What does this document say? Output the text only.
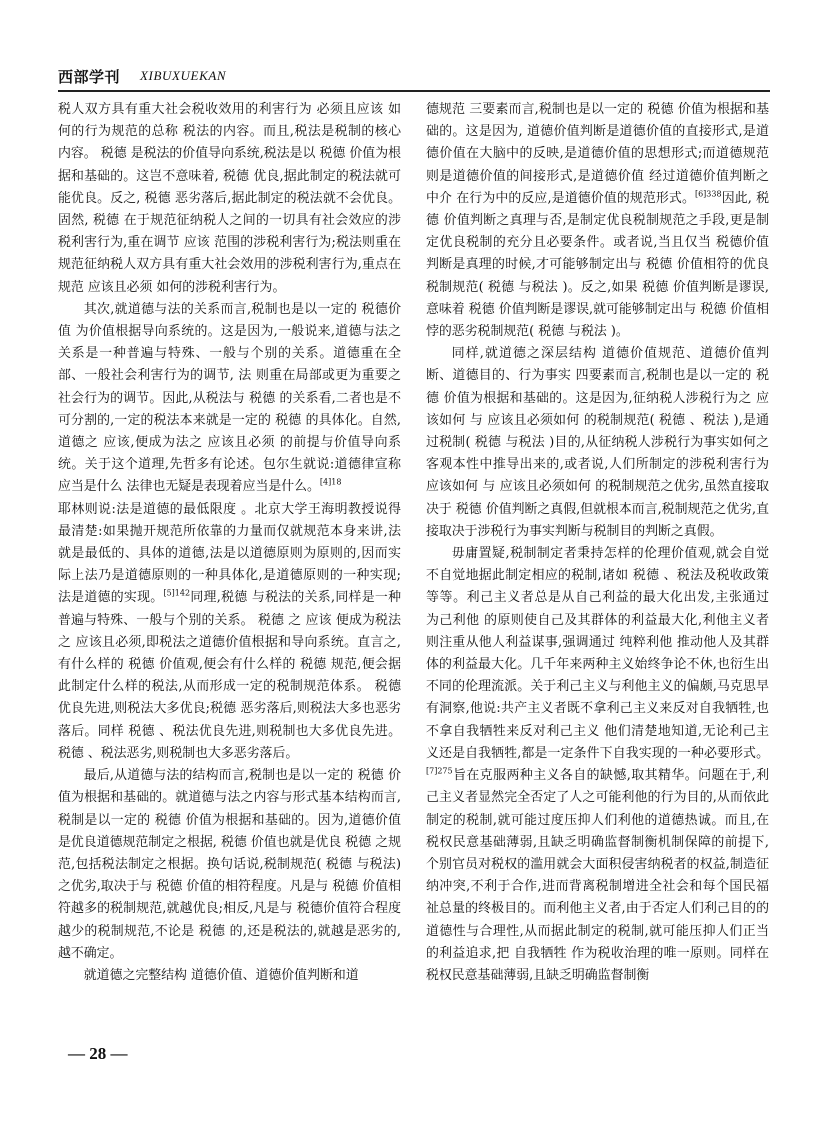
西部学刊 XIBUXUEKAN

税人双方具有重大社会税收效用的利害行为 必须且应该 如何的行为规范的总称 税法的内容。而且,税法是税制的核心内容。 税德 是税法的价值导向系统,税法是以 税德 价值为根据和基础的。这岂不意味着, 税德 优良,据此制定的税法就可能优良。反之, 税德 恶劣落后,据此制定的税法就不会优良。固然, 税德 在于规范征纳税人之间的一切具有社会效应的涉税利害行为,重在调节 应该 范围的涉税利害行为;税法则重在规范征纳税人双方具有重大社会效用的涉税利害行为,重点在规范 应该且必须 如何的涉税利害行为。

其次,就道德与法的关系而言,税制也是以一定的 税德价值 为价值根据导向系统的。这是因为,一般说来,道德与法之关系是一种普遍与特殊、一般与个别的关系。道德重在全部、一般社会利害行为的调节, 法 则重在局部或更为重要之社会行为的调节。因此,从税法与 税德 的关系看,二者也是不可分割的,一定的税法本来就是一定的 税德 的具体化。自然,道德之 应该,便成为法之 应该且必须 的前提与价值导向系统。关于这个道理,先哲多有论述。包尔生就说:道德律宣称应当是什么 法律也无疑是表现着应当是什么。$^{[4]18}$

耶林则说:法是道德的最低限度 。北京大学王海明教授说得最清楚:如果抛开规范所依靠的力量而仅就规范本身来讲,法就是最低的、具体的道德,法是以道德原则为原则的,因而实际上法乃是道德原则的一种具体化,是道德原则的一种实现;法是道德的实现。$^{[5]142}$同理,税德 与税法的关系,同样是一种普遍与特殊、一般与个别的关系。 税德 之 应该 便成为税法之 应该且必须,即税法之道德价值根据和导向系统。直言之,有什么样的 税德 价值观,便会有什么样的 税德 规范,便会据此制定什么样的税法,从而形成一定的税制规范体系。 税德 优良先进,则税法大多优良;税德 恶劣落后,则税法大多也恶劣落后。同样 税德 、税法优良先进,则税制也大多优良先进。 税德 、税法恶劣,则税制也大多恶劣落后。

最后,从道德与法的结构而言,税制也是以一定的 税德 价值为根据和基础的。就道德与法之内容与形式基本结构而言,税制是以一定的 税德 价值为根据和基础的。因为,道德价值是优良道德规范制定之根据, 税德 价值也就是优良 税德 之规范,包括税法制定之根据。换句话说,税制规范( 税德 与税法)之优劣,取决于与 税德 价值的相符程度。凡是与 税德 价值相符越多的税制规范,就越优良;相反,凡是与 税德价值符合程度越少的税制规范,不论是 税德 的,还是税法的,就越是恶劣的,越不确定。

就道德之完整结构 道德价值、道德价值判断和道

德规范 三要素而言,税制也是以一定的 税德 价值为根据和基础的。这是因为, 道德价值判断是道德价值的直接形式,是道德价值在大脑中的反映,是道德价值的思想形式;而道德规范则是道德价值的间接形式,是道德价值 经过道德价值判断之中介 在行为中的反应,是道德价值的规范形式。$^{[6]338}$因此, 税德 价值判断之真理与否,是制定优良税制规范之手段,更是制定优良税制的充分且必要条件。或者说,当且仅当 税德价值判断是真理的时候,才可能够制定出与 税德 价值相符的优良税制规范( 税德 与税法 )。反之,如果 税德 价值判断是谬误,意味着 税德 价值判断是谬误,就可能够制定出与 税德 价值相悖的恶劣税制规范( 税德 与税法 )。

同样,就道德之深层结构 道德价值规范、道德价值判断、道德目的、行为事实 四要素而言,税制也是以一定的 税德 价值为根据和基础的。这是因为,征纳税人涉税行为之 应该如何 与 应该且必须如何 的税制规范( 税德 、税法 ),是通过税制( 税德 与税法 )目的,从征纳税人涉税行为事实如何之客观本性中推导出来的,或者说,人们所制定的涉税利害行为 应该如何 与 应该且必须如何 的税制规范之优劣,虽然直接取决于 税德 价值判断之真假,但就根本而言,税制规范之优劣,直接取决于涉税行为事实判断与税制目的判断之真假。

毋庸置疑,税制制定者秉持怎样的伦理价值观,就会自觉不自觉地据此制定相应的税制,诸如 税德 、税法及税收政策等等。利己主义者总是从自己利益的最大化出发,主张通过 为己利他 的原则使自己及其群体的利益最大化,利他主义者则注重从他人利益谋事,强调通过 纯粹利他 推动他人及其群体的利益最大化。几千年来两种主义始终争论不休,也衍生出不同的伦理流派。关于利己主义与利他主义的偏颇,马克思早有洞察,他说:共产主义者既不拿利己主义来反对自我牺牲,也不拿自我牺牲来反对利己主义 他们清楚地知道,无论利己主义还是自我牺牲,都是一定条件下自我实现的一种必要形式。$^{[7]275}$旨在克服两种主义各自的缺憾,取其精华。问题在于,利己主义者显然完全否定了人之可能利他的行为目的,从而依此制定的税制,就可能过度压抑人们利他的道德热诚。而且,在税权民意基础薄弱,且缺乏明确监督制衡机制保障的前提下,个别官员对税权的滥用就会大面积侵害纳税者的权益,制造征纳冲突,不利于合作,进而背离税制增进全社会和每个国民福祉总量的终极目的。而利他主义者,由于否定人们利己目的的道德性与合理性,从而据此制定的税制,就可能压抑人们正当的利益追求,把 自我牺牲 作为税收治理的唯一原则。同样在税权民意基础薄弱,且缺乏明确监督制衡

— 28 —
